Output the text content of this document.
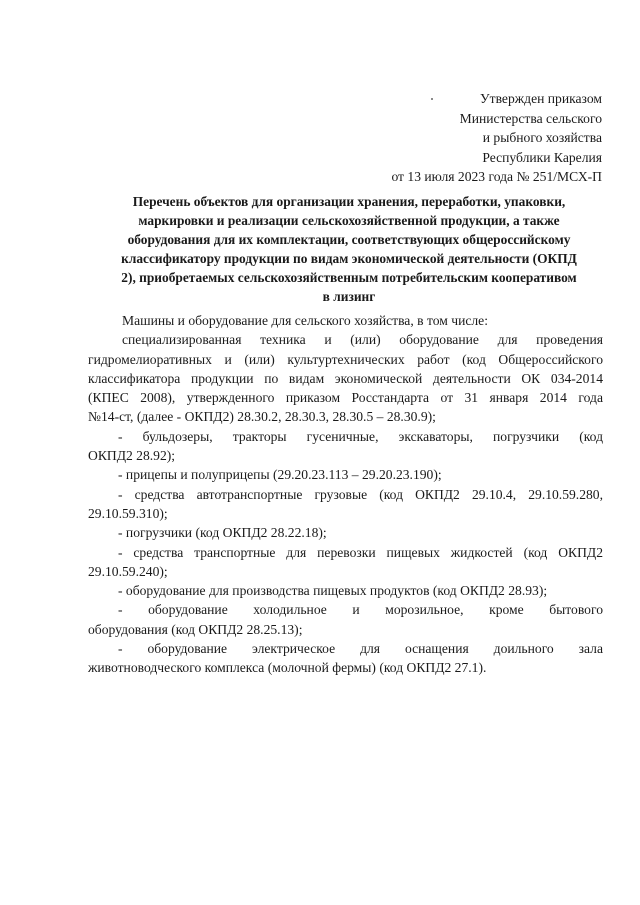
Утвержден приказом
Министерства сельского
и рыбного хозяйства
Республики Карелия
от 13 июля 2023 года № 251/МСХ-П
Перечень объектов для организации хранения, переработки, упаковки,
маркировки и реализации сельскохозяйственной продукции, а также
оборудования для их комплектации, соответствующих общероссийскому
классификатору продукции по видам экономической деятельности (ОКПД
2), приобретаемых сельскохозяйственным потребительским кооперативом
в лизинг
Машины и оборудование для сельского хозяйства, в том числе:
специализированная техника и (или) оборудование для проведения
гидромелиоративных и (или) культуртехнических работ (код Общероссийского
классификатора продукции по видам экономической деятельности ОК 034-2014
(КПЕС 2008), утвержденного приказом Росстандарта от 31 января 2014 года
№14-ст, (далее - ОКПД2) 28.30.2, 28.30.3, 28.30.5 – 28.30.9);
- бульдозеры, тракторы гусеничные, экскаваторы, погрузчики (код
ОКПД2 28.92);
- прицепы и полуприцепы (29.20.23.113 – 29.20.23.190);
- средства автотранспортные грузовые (код ОКПД2 29.10.4, 29.10.59.280,
29.10.59.310);
- погрузчики (код ОКПД2 28.22.18);
- средства транспортные для перевозки пищевых жидкостей (код ОКПД2
29.10.59.240);
- оборудование для производства пищевых продуктов (код ОКПД2 28.93);
- оборудование холодильное и морозильное, кроме бытового
оборудования (код ОКПД2 28.25.13);
- оборудование электрическое для оснащения доильного зала
животноводческого комплекса (молочной фермы) (код ОКПД2 27.1).
